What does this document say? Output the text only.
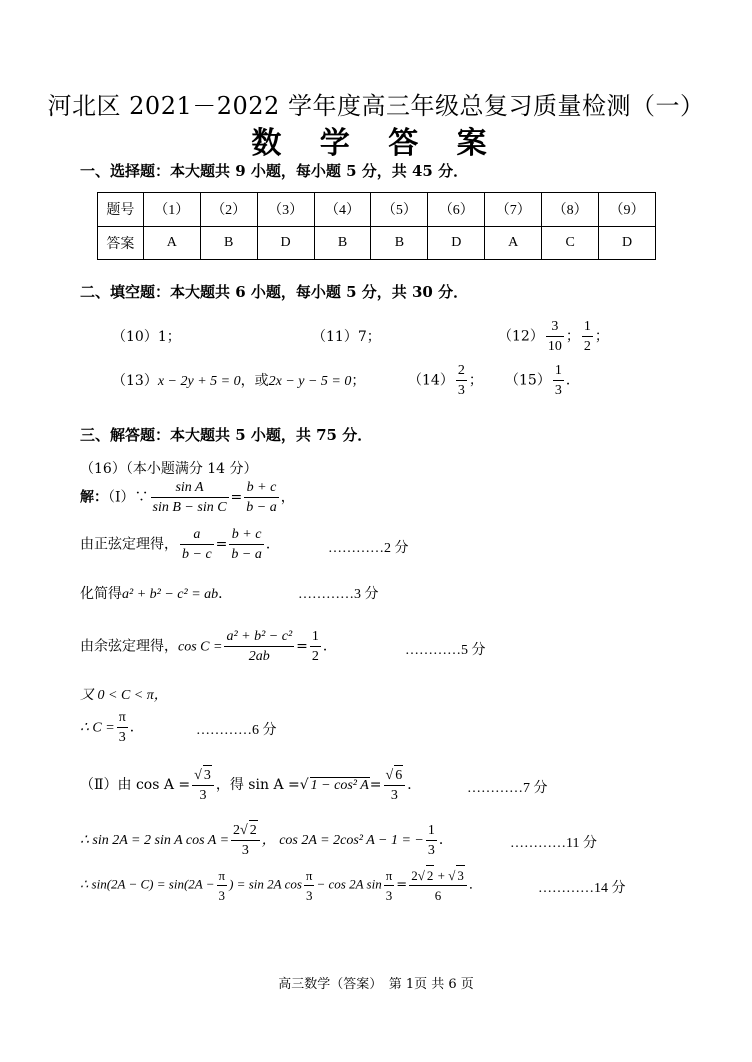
河北区 2021－2022 学年度高三年级总复习质量检测（一）
数 学 答 案
一、选择题：本大题共 9 小题，每小题 5 分，共 45 分．
题号	（1）	（2）	（3）	（4）	（5）	（6）	（7）	（8）	（9）
答案	A	B	D	B	B	D	A	C	D
二、填空题：本大题共 6 小题，每小题 5 分，共 30 分．
（10）1；	（11）7；	$(12) \frac{3}{10}$ ； $\frac{1}{2}$ ；
（13）x − 2y + 5 = 0，或2x − y − 5 = 0；	$(14) \frac{2}{3}$ ； $(15) \frac{1}{3}$ ．
三、解答题：本大题共 5 小题，共 75 分．
（16）（本小题满分 14 分）
解：（Ⅰ）∵ $\frac{\text{sin A}}{\text{sin B − sin C}} = \frac{b + c}{b - a}$ ，
由正弦定理得， $\frac{a}{b - c} = \frac{b + c}{b - a}$ ．	…………2 分
化简得a² + b² − c² = ab．	…………3 分
由余弦定理得，$\cos C = \frac{\text{a² + b² − c²}}{2ab} = \frac{1}{2}$ ．	…………5 分
又 0 < C < π，
∴ $C = \frac{\pi}{3}$ ．	…………6 分
（Ⅱ）由 $\cos A = \frac{√ 3}{3}$ ，得 sin A =√ 1 − cos² $A= \frac{√ 6}{3}$ ．	…………7 分
∴ sin 2A = 2 sin A $\cos A = \frac{2√ 2}{3}$ ， cos 2A = 2cos² A − 1 = − $\frac{1}{3}$ ．	…………11 分
∴ $\sin(2A - C) = \sin(2A - \frac{\pi}{3}$ ) = sin 2A $\cos \frac{\pi}{3} - \cos 2A$ $\sin \frac{\pi}{3} = \frac{2√ 2 + √ 3}{6}$ ．	…………14 分
高三数学（答案）　第 1页 共 6 页
